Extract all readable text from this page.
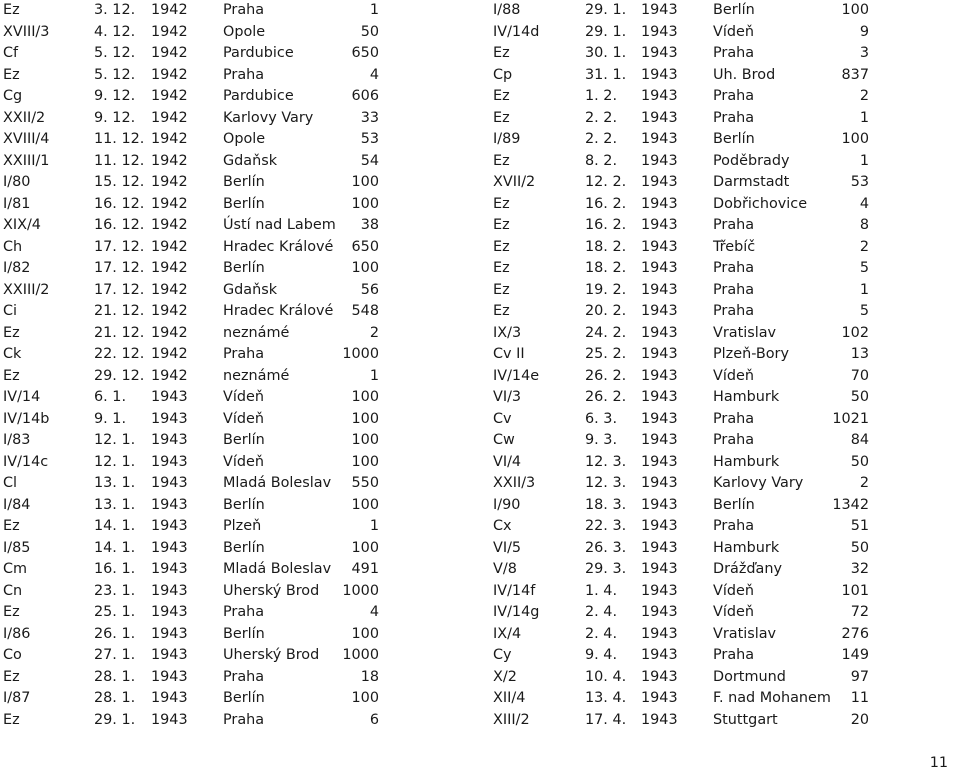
Ez	3. 12. 1942 Praha	1
XVIII/3	4. 12. 1942 Opole	50
Cf	5. 12. 1942 Pardubice	650
Ez	5. 12. 1942 Praha	4
Cg	9. 12. 1942 Pardubice	606
XXII/2	9. 12. 1942 Karlovy Vary	33
XVIII/4	11. 12. 1942 Opole	53
XXIII/1	11. 12. 1942 Gdaňsk	54
I/80	15. 12. 1942 Berlín	100
I/81	16. 12. 1942 Berlín	100
XIX/4	16. 12. 1942 Ústí nad Labem	38
Ch	17. 12. 1942 Hradec Králové	650
I/82	17. 12. 1942 Berlín	100
XXIII/2	17. 12. 1942 Gdaňsk	56
Ci	21. 12. 1942 Hradec Králové	548
Ez	21. 12. 1942 neznámé	2
Ck	22. 12. 1942 Praha	1000
Ez	29. 12. 1942 neznámé	1
IV/14	6. 1. 1943 Vídeň	100
IV/14b	9. 1. 1943 Vídeň	100
I/83	12. 1. 1943 Berlín	100
IV/14c	12. 1. 1943 Vídeň	100
Cl	13. 1. 1943 Mladá Boleslav	550
I/84	13. 1. 1943 Berlín	100
Ez	14. 1. 1943 Plzeň	1
I/85	14. 1. 1943 Berlín	100
Cm	16. 1. 1943 Mladá Boleslav	491
Cn	23. 1. 1943 Uherský Brod	1000
Ez	25. 1. 1943 Praha	4
I/86	26. 1. 1943 Berlín	100
Co	27. 1. 1943 Uherský Brod	1000
Ez	28. 1. 1943 Praha	18
I/87	28. 1. 1943 Berlín	100
Ez	29. 1. 1943 Praha	6
I/88	29. 1. 1943 Berlín	100
IV/14d	29. 1. 1943 Vídeň	9
Ez	30. 1. 1943 Praha	3
Cp	31. 1. 1943 Uh. Brod	837
Ez	1. 2. 1943 Praha	2
Ez	2. 2. 1943 Praha	1
I/89	2. 2. 1943 Berlín	100
Ez	8. 2. 1943 Poděbrady	1
XVII/2	12. 2. 1943 Darmstadt	53
Ez	16. 2. 1943 Dobřichovice	4
Ez	16. 2. 1943 Praha	8
Ez	18. 2. 1943 Třebíč	2
Ez	18. 2. 1943 Praha	5
Ez	19. 2. 1943 Praha	1
Ez	20. 2. 1943 Praha	5
IX/3	24. 2. 1943 Vratislav	102
Cv II	25. 2. 1943 Plzeň-Bory	13
IV/14e	26. 2. 1943 Vídeň	70
VI/3	26. 2. 1943 Hamburk	50
Cv	6. 3. 1943 Praha	1021
Cw	9. 3. 1943 Praha	84
VI/4	12. 3. 1943 Hamburk	50
XXII/3	12. 3. 1943 Karlovy Vary	2
I/90	18. 3. 1943 Berlín	1342
Cx	22. 3. 1943 Praha	51
VI/5	26. 3. 1943 Hamburk	50
V/8	29. 3. 1943 Drážďany	32
IV/14f	1. 4. 1943 Vídeň	101
IV/14g	2. 4. 1943 Vídeň	72
IX/4	2. 4. 1943 Vratislav	276
Cy	9. 4. 1943 Praha	149
X/2	10. 4. 1943 Dortmund	97
XII/4	13. 4. 1943 F. nad Mohanem	11
XIII/2	17. 4. 1943 Stuttgart	20
11
